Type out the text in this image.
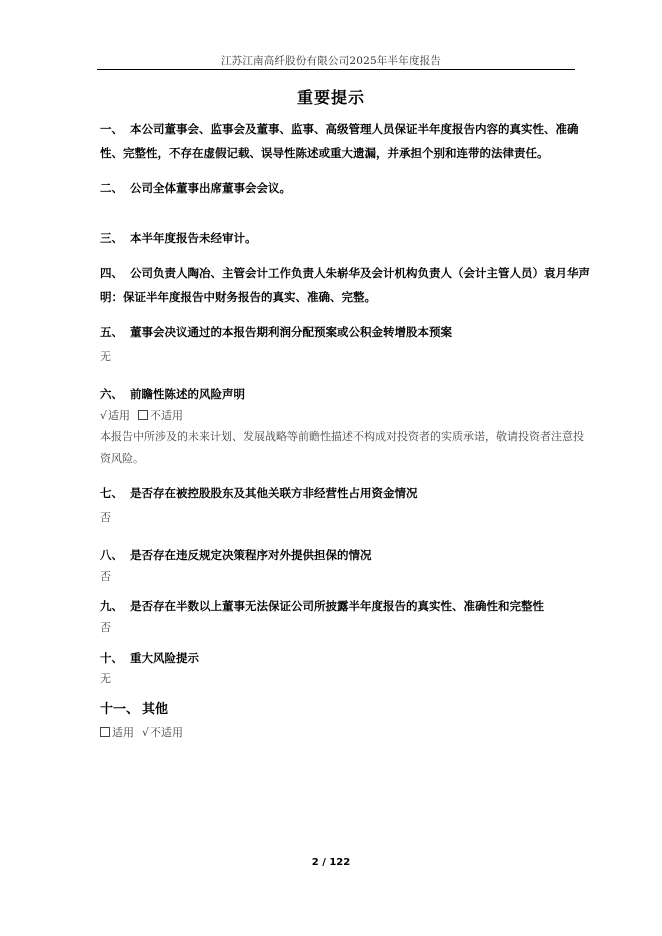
江苏江南高纤股份有限公司2025年半年度报告
重要提示
一、 本公司董事会、监事会及董事、监事、高级管理人员保证半年度报告内容的真实性、准确性、完整性，不存在虚假记载、误导性陈述或重大遗漏，并承担个别和连带的法律责任。
二、 公司全体董事出席董事会会议。
三、 本半年度报告未经审计。
四、 公司负责人陶冶、主管会计工作负责人朱崭华及会计机构负责人（会计主管人员）袁月华声明：保证半年度报告中财务报告的真实、准确、完整。
五、 董事会决议通过的本报告期利润分配预案或公积金转增股本预案
无
六、 前瞻性陈述的风险声明
√适用 不适用
本报告中所涉及的未来计划、发展战略等前瞻性描述不构成对投资者的实质承诺，敬请投资者注意投资风险。
七、 是否存在被控股股东及其他关联方非经营性占用资金情况
否
八、 是否存在违反规定决策程序对外提供担保的情况
否
九、 是否存在半数以上董事无法保证公司所披露半年度报告的真实性、准确性和完整性
否
十、 重大风险提示
无
十一、 其他
适用 √不适用
2 / 122
